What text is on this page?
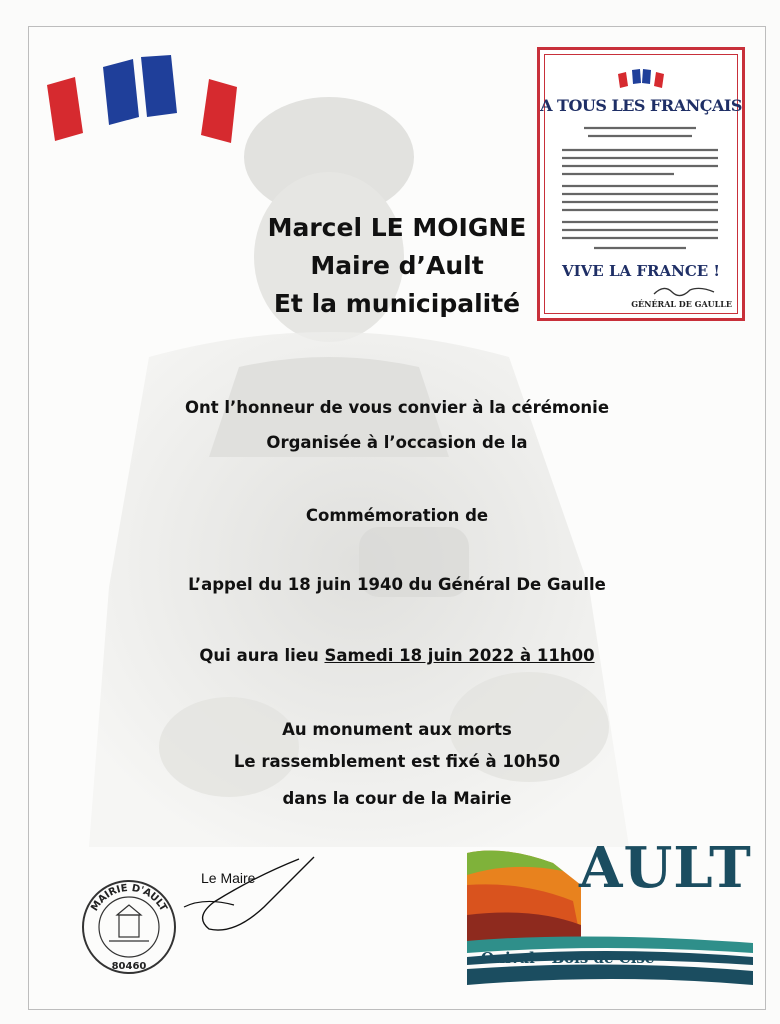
A TOUS LES FRANÇAIS
VIVE LA FRANCE !
GÉNÉRAL DE GAULLE
Marcel LE MOIGNE
Maire d’Ault
Et la municipalité
Ont l’honneur de vous convier à la cérémonie
Organisée à l’occasion de la
Commémoration de
L’appel du 18 juin 1940 du Général De Gaulle
Qui aura lieu Samedi 18 juin 2022 à 11h00
Au monument aux morts
Le rassemblement est fixé à 10h50
dans la cour de la Mairie
Le Maire
MAIRIE D'AULT
80460
AULT
Onival - Bois de Cise
